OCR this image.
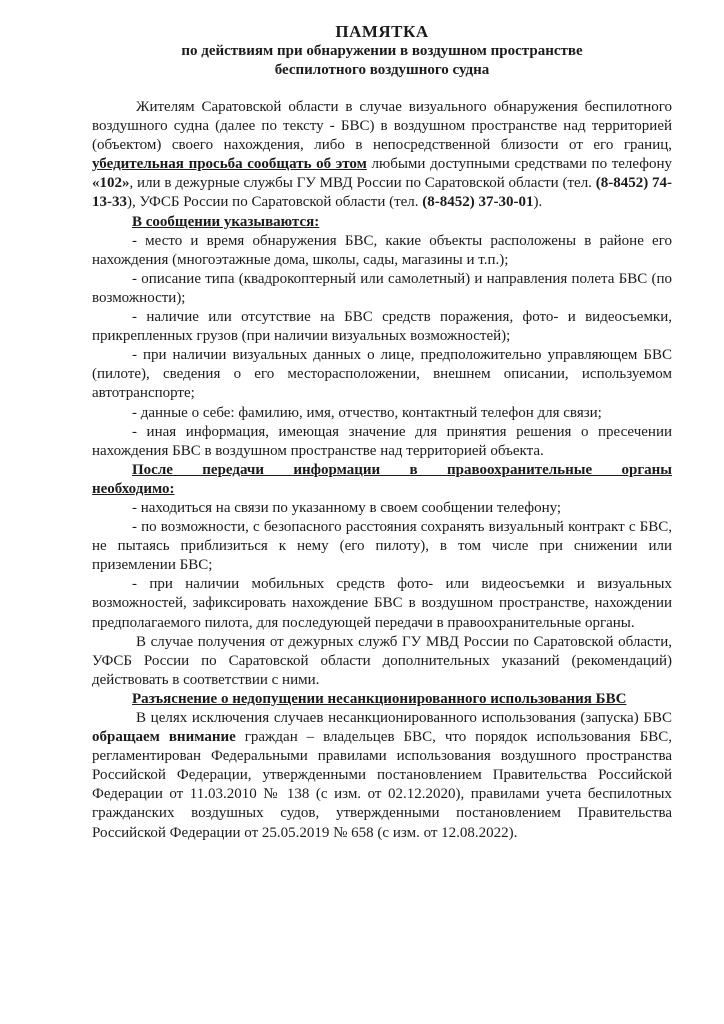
ПАМЯТКА
по действиям при обнаружении в воздушном пространстве
беспилотного воздушного судна

Жителям Саратовской области в случае визуального обнаружения беспилотного воздушного судна (далее по тексту - БВС) в воздушном пространстве над территорией (объектом) своего нахождения, либо в непосредственной близости от его границ, убедительная просьба сообщать об этом любыми доступными средствами по телефону «102», или в дежурные службы ГУ МВД России по Саратовской области (тел. (8-8452) 74-13-33), УФСБ России по Саратовской области (тел. (8-8452) 37-30-01).

В сообщении указываются:

- место и время обнаружения БВС, какие объекты расположены в районе его нахождения (многоэтажные дома, школы, сады, магазины и т.п.);

- описание типа (квадрокоптерный или самолетный) и направления полета БВС (по возможности);

- наличие или отсутствие на БВС средств поражения, фото- и видеосъемки, прикрепленных грузов (при наличии визуальных возможностей);

- при наличии визуальных данных о лице, предположительно управляющем БВС (пилоте), сведения о его месторасположении, внешнем описании, используемом автотранспорте;

- данные о себе: фамилию, имя, отчество, контактный телефон для связи;

- иная информация, имеющая значение для принятия решения о пресечении нахождения БВС в воздушном пространстве над территорией объекта.

После передачи информации в правоохранительные органы

необходимо:

- находиться на связи по указанному в своем сообщении телефону;

- по возможности, с безопасного расстояния сохранять визуальный контракт с БВС, не пытаясь приблизиться к нему (его пилоту), в том числе при снижении или приземлении БВС;

- при наличии мобильных средств фото- или видеосъемки и визуальных возможностей, зафиксировать нахождение БВС в воздушном пространстве, нахождении предполагаемого пилота, для последующей передачи в правоохранительные органы.

В случае получения от дежурных служб ГУ МВД России по Саратовской области, УФСБ России по Саратовской области дополнительных указаний (рекомендаций) действовать в соответствии с ними.

Разъяснение о недопущении несанкционированного использования БВС

В целях исключения случаев несанкционированного использования (запуска) БВС обращаем внимание граждан – владельцев БВС, что порядок использования БВС, регламентирован Федеральными правилами использования воздушного пространства Российской Федерации, утвержденными постановлением Правительства Российской Федерации от 11.03.2010 № 138 (с изм. от 02.12.2020), правилами учета беспилотных гражданских воздушных судов, утвержденными постановлением Правительства Российской Федерации от 25.05.2019 № 658 (с изм. от 12.08.2022).
